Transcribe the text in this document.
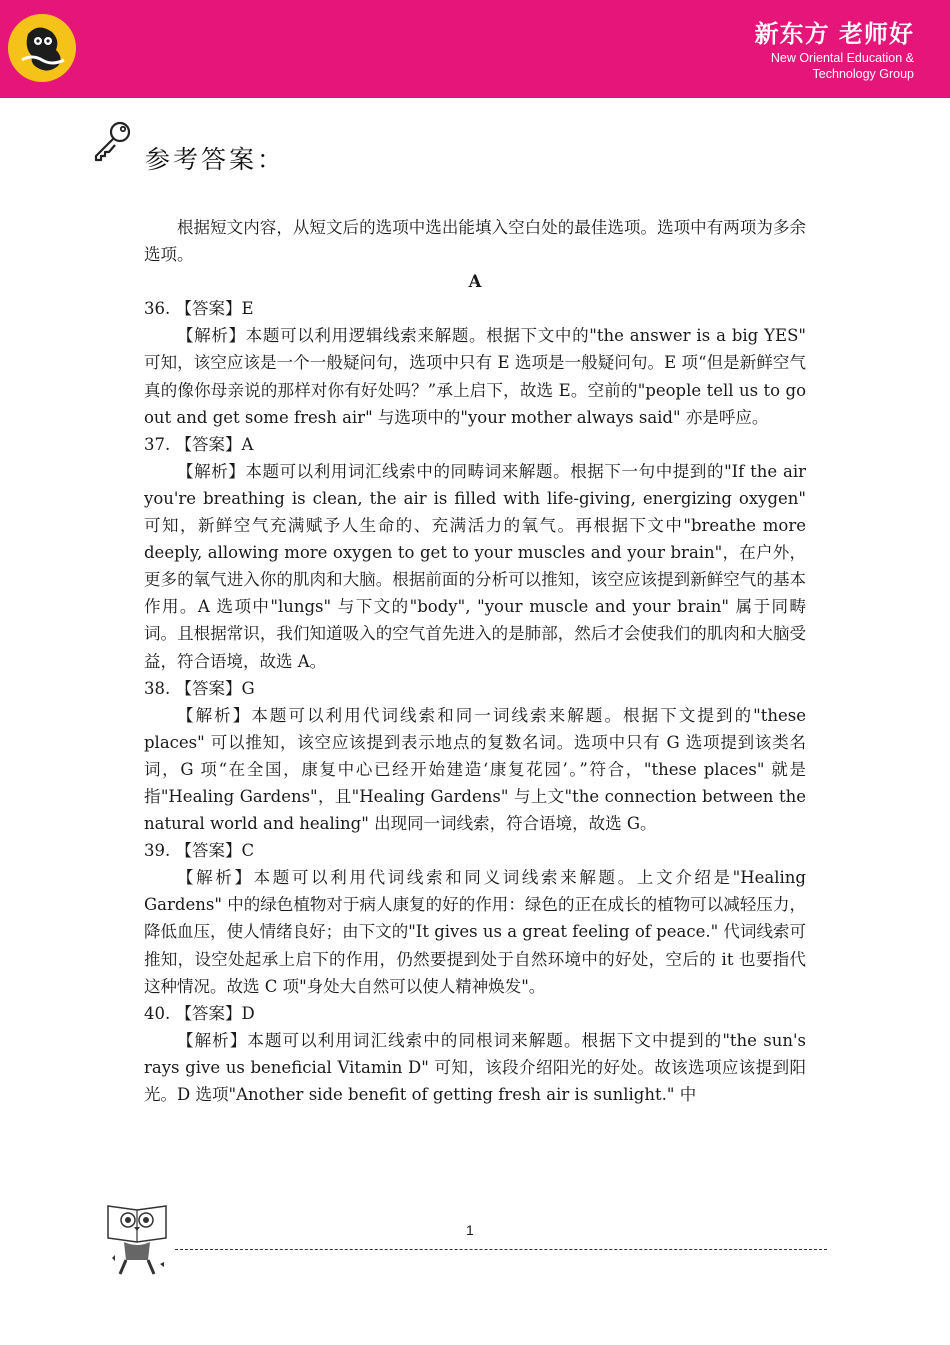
新东方 老师好
New Oriental Education &
Technology Group
参考答案：

根据短文内容，从短文后的选项中选出能填入空白处的最佳选项。选项中有两项为多余选项。

A

36. 【答案】E

【解析】本题可以利用逻辑线索来解题。根据下文中的"the answer is a big YES" 可知，该空应该是一个一般疑问句，选项中只有 E 选项是一般疑问句。E 项“但是新鲜空气真的像你母亲说的那样对你有好处吗？”承上启下，故选 E。空前的"people tell us to go out and get some fresh air" 与选项中的"your mother always said" 亦是呼应。

37. 【答案】A

【解析】本题可以利用词汇线索中的同畴词来解题。根据下一句中提到的"If the air you're breathing is clean, the air is filled with life-giving, energizing oxygen" 可知，新鲜空气充满赋予人生命的、充满活力的氧气。再根据下文中"breathe more deeply, allowing more oxygen to get to your muscles and your brain"，在户外，更多的氧气进入你的肌肉和大脑。根据前面的分析可以推知，该空应该提到新鲜空气的基本作用。A 选项中"lungs" 与下文的"body", "your muscle and your brain" 属于同畴词。且根据常识，我们知道吸入的空气首先进入的是肺部，然后才会使我们的肌肉和大脑受益，符合语境，故选 A。

38. 【答案】G

【解析】本题可以利用代词线索和同一词线索来解题。根据下文提到的"these places" 可以推知，该空应该提到表示地点的复数名词。选项中只有 G 选项提到该类名词，G 项“在全国，康复中心已经开始建造‘康复花园’。”符合，"these places" 就是指"Healing Gardens"，且"Healing Gardens" 与上文"the connection between the natural world and healing" 出现同一词线索，符合语境，故选 G。

39. 【答案】C

【解析】本题可以利用代词线索和同义词线索来解题。上文介绍是"Healing Gardens" 中的绿色植物对于病人康复的好的作用：绿色的正在成长的植物可以减轻压力，降低血压，使人情绪良好；由下文的"It gives us a great feeling of peace." 代词线索可推知，设空处起承上启下的作用，仍然要提到处于自然环境中的好处，空后的 it 也要指代这种情况。故选 C 项"身处大自然可以使人精神焕发"。

40. 【答案】D

【解析】本题可以利用词汇线索中的同根词来解题。根据下文中提到的"the sun's rays give us beneficial Vitamin D" 可知，该段介绍阳光的好处。故该选项应该提到阳光。D 选项"Another side benefit of getting fresh air is sunlight." 中

1
